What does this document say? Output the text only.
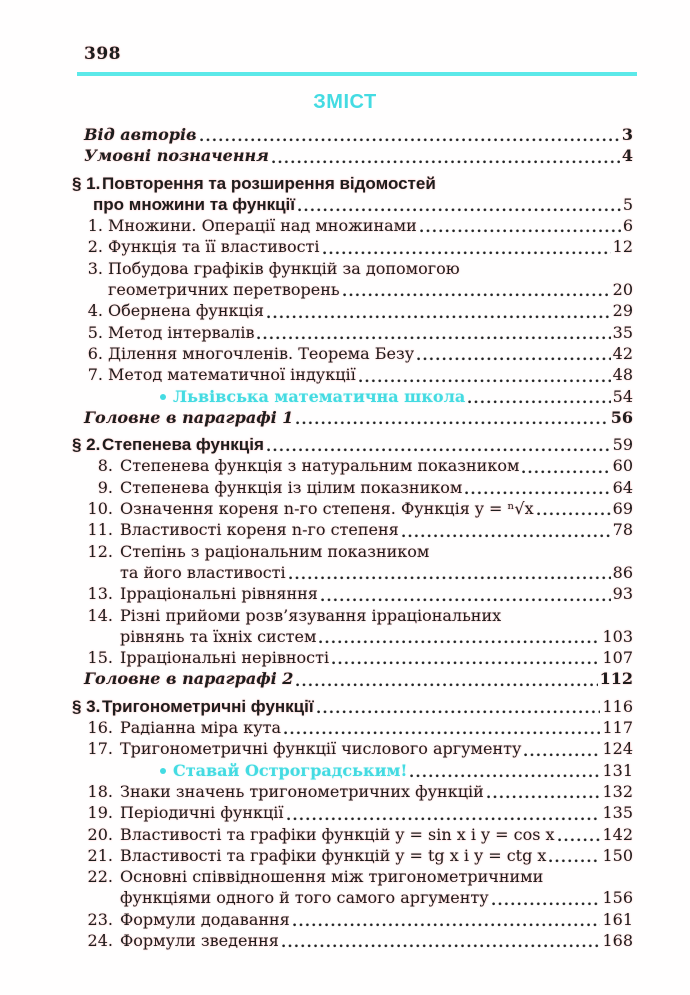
398
ЗМІСТ
Від авторів	3
Умовні позначення	4
§ 1. Повторення та розширення відомостей
про множини та функції	5
1. Множини. Операції над множинами	6
2. Функція та її властивості	12
3. Побудова графіків функцій за допомогою
геометричних перетворень	20
4. Обернена функція	29
5. Метод інтервалів	35
6. Ділення многочленів. Теорема Безу	42
7. Метод математичної індукції	48
Львівська математична школа	54
Головне в параграфі 1	56
§ 2. Степенева функція	59
8. Степенева функція з натуральним показником	60
9. Степенева функція із цілим показником	64
10. Означення кореня n-го степеня. Функція y = ⁿ√x	69
11. Властивості кореня n-го степеня	78
12. Степінь з раціональним показником
та його властивості	86
13. Ірраціональні рівняння	93
14. Різні прийоми розв’язування ірраціональних
рівнянь та їхніх систем	103
15. Ірраціональні нерівності	107
Головне в параграфі 2	112
§ 3. Тригонометричні функції	116
16. Радіанна міра кута	117
17. Тригонометричні функції числового аргументу	124
Ставай Остроградським!	131
18. Знаки значень тригонометричних функцій	132
19. Періодичні функції	135
20. Властивості та графіки функцій y = sin x і y = cos x	142
21. Властивості та графіки функцій y = tg x і y = ctg x	150
22. Основні співвідношення між тригонометричними
функціями одного й того самого аргументу	156
23. Формули додавання	161
24. Формули зведення	168
